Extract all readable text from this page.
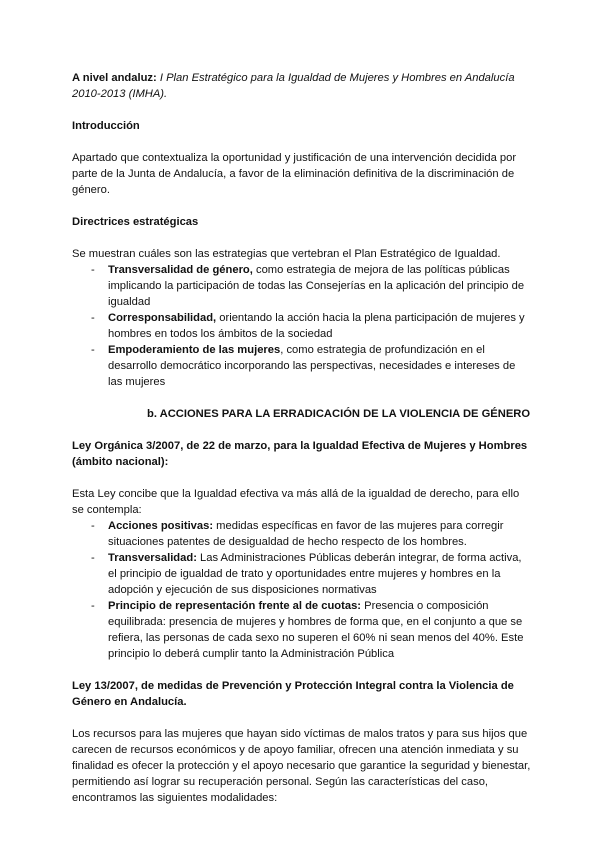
A nivel andaluz: I Plan Estratégico para la Igualdad de Mujeres y Hombres en Andalucía 2010-2013 (IMHA).

Introducción

Apartado que contextualiza la oportunidad y justificación de una intervención decidida por parte de la Junta de Andalucía, a favor de la eliminación definitiva de la discriminación de género.

Directrices estratégicas

Se muestran cuáles son las estrategias que vertebran el Plan Estratégico de Igualdad.

- Transversalidad de género, como estrategia de mejora de las políticas públicas implicando la participación de todas las Consejerías en la aplicación del principio de igualdad
- Corresponsabilidad, orientando la acción hacia la plena participación de mujeres y hombres en todos los ámbitos de la sociedad
- Empoderamiento de las mujeres, como estrategia de profundización en el desarrollo democrático incorporando las perspectivas, necesidades e intereses de las mujeres

b. ACCIONES PARA LA ERRADICACIÓN DE LA VIOLENCIA DE GÉNERO

Ley Orgánica 3/2007, de 22 de marzo, para la Igualdad Efectiva de Mujeres y Hombres (ámbito nacional):

Esta Ley concibe que la Igualdad efectiva va más allá de la igualdad de derecho, para ello se contempla:

- Acciones positivas: medidas específicas en favor de las mujeres para corregir situaciones patentes de desigualdad de hecho respecto de los hombres.
- Transversalidad: Las Administraciones Públicas deberán integrar, de forma activa, el principio de igualdad de trato y oportunidades entre mujeres y hombres en la adopción y ejecución de sus disposiciones normativas
- Principio de representación frente al de cuotas: Presencia o composición equilibrada: presencia de mujeres y hombres de forma que, en el conjunto a que se refiera, las personas de cada sexo no superen el 60% ni sean menos del 40%. Este principio lo deberá cumplir tanto la Administración Pública

Ley 13/2007, de medidas de Prevención y Protección Integral contra la Violencia de Género en Andalucía.

Los recursos para las mujeres que hayan sido víctimas de malos tratos y para sus hijos que carecen de recursos económicos y de apoyo familiar, ofrecen una atención inmediata y su finalidad es ofecer la protección y el apoyo necesario que garantice la seguridad y bienestar, permitiendo así lograr su recuperación personal. Según las características del caso, encontramos las siguientes modalidades:
